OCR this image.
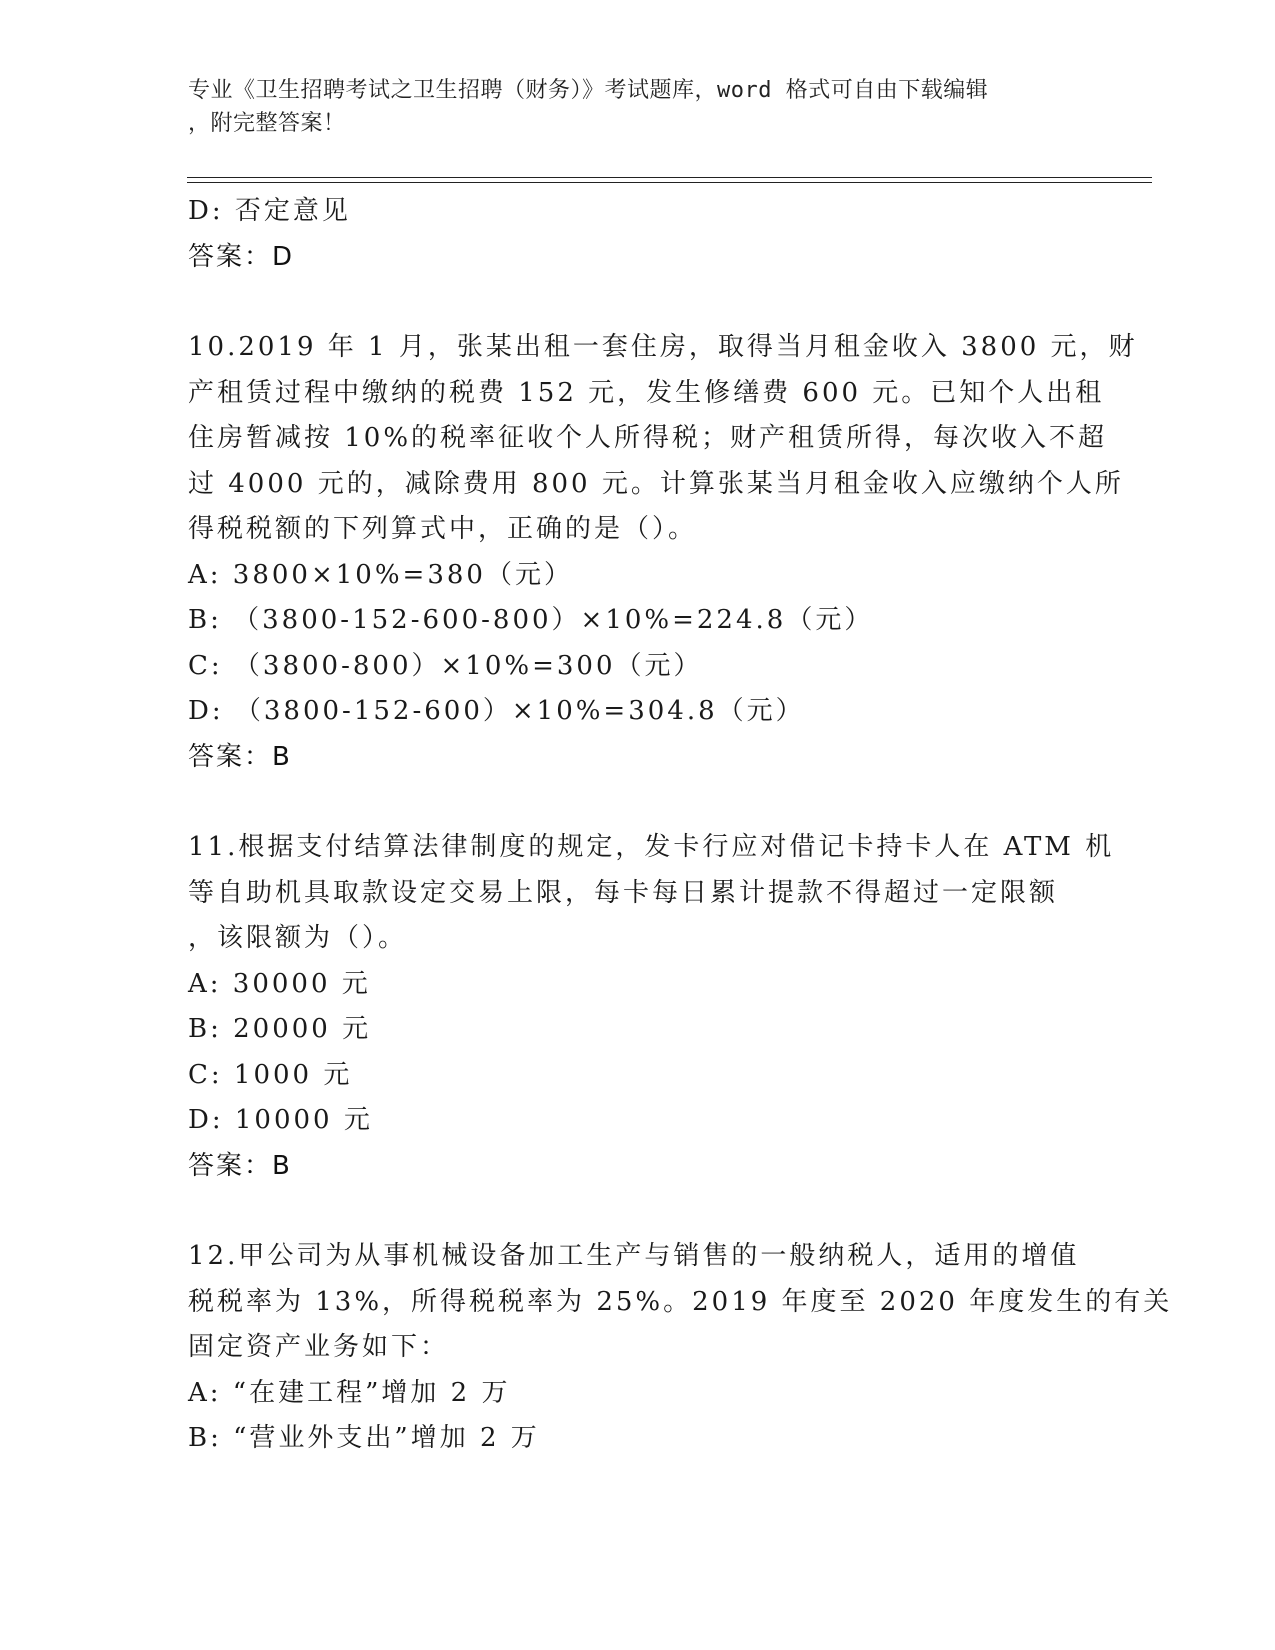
专业《卫生招聘考试之卫生招聘（财务）》考试题库，word 格式可自由下载编辑
，附完整答案！
D: 否定意见
答案：D
10.2019 年 1 月，张某出租一套住房，取得当月租金收入 3800 元，财
产租赁过程中缴纳的税费 152 元，发生修缮费 600 元。已知个人出租
住房暂减按 10%的税率征收个人所得税；财产租赁所得，每次收入不超
过 4000 元的，减除费用 800 元。计算张某当月租金收入应缴纳个人所
得税税额的下列算式中，正确的是（）。
A: 3800×10%=380（元）
B: （3800-152-600-800）×10%=224.8（元）
C: （3800-800）×10%=300（元）
D: （3800-152-600）×10%=304.8（元）
答案：B
11.根据支付结算法律制度的规定，发卡行应对借记卡持卡人在 ATM 机
等自助机具取款设定交易上限，每卡每日累计提款不得超过一定限额
，该限额为（）。
A: 30000 元
B: 20000 元
C: 1000 元
D: 10000 元
答案：B
12.甲公司为从事机械设备加工生产与销售的一般纳税人，适用的增值
税税率为 13%，所得税税率为 25%。2019 年度至 2020 年度发生的有关
固定资产业务如下：
A: “在建工程”增加 2 万
B: “营业外支出”增加 2 万
